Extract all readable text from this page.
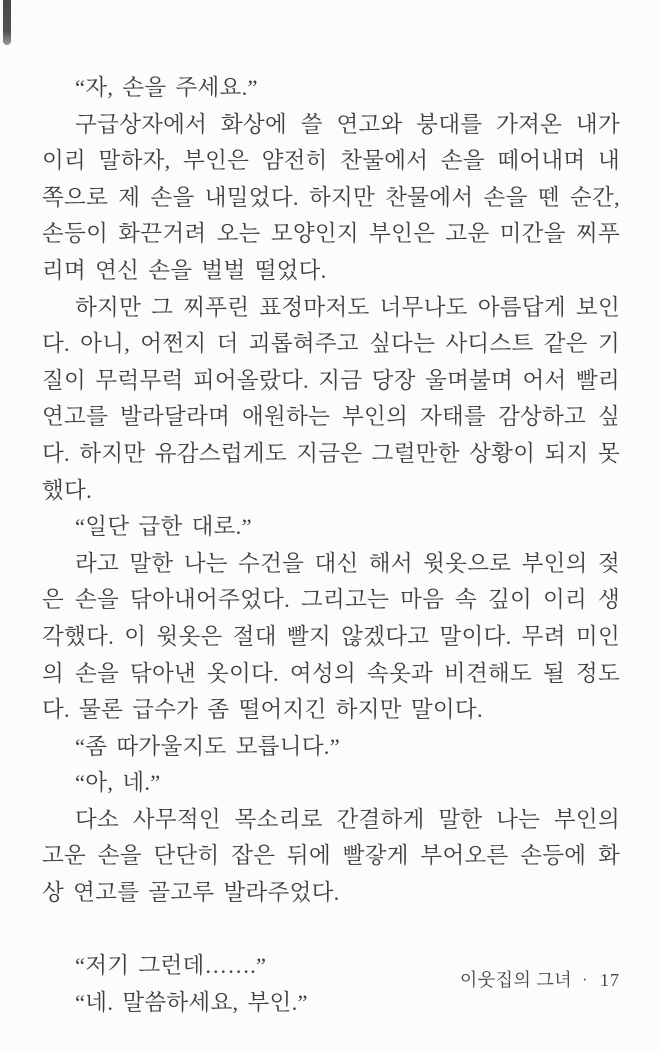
“자, 손을 주세요.”

구급상자에서 화상에 쓸 연고와 붕대를 가져온 내가 이리 말하자, 부인은 얌전히 찬물에서 손을 떼어내며 내 쪽으로 제 손을 내밀었다. 하지만 찬물에서 손을 뗀 순간, 손등이 화끈거려 오는 모양인지 부인은 고운 미간을 찌푸리며 연신 손을 벌벌 떨었다.

하지만 그 찌푸린 표정마저도 너무나도 아름답게 보인다. 아니, 어쩐지 더 괴롭혀주고 싶다는 사디스트 같은 기질이 무럭무럭 피어올랐다. 지금 당장 울며불며 어서 빨리 연고를 발라달라며 애원하는 부인의 자태를 감상하고 싶다. 하지만 유감스럽게도 지금은 그럴만한 상황이 되지 못 했다.

“일단 급한 대로.”

라고 말한 나는 수건을 대신 해서 윗옷으로 부인의 젖은 손을 닦아내어주었다. 그리고는 마음 속 깊이 이리 생각했다. 이 윗옷은 절대 빨지 않겠다고 말이다. 무려 미인의 손을 닦아낸 옷이다. 여성의 속옷과 비견해도 될 정도다. 물론 급수가 좀 떨어지긴 하지만 말이다.

“좀 따가울지도 모릅니다.”

“아, 네.”

다소 사무적인 목소리로 간결하게 말한 나는 부인의 고운 손을 단단히 잡은 뒤에 빨갛게 부어오른 손등에 화상 연고를 골고루 발라주었다.

“저기 그런데…….”

“네. 말씀하세요, 부인.”

이웃집의 그녀 · 17
